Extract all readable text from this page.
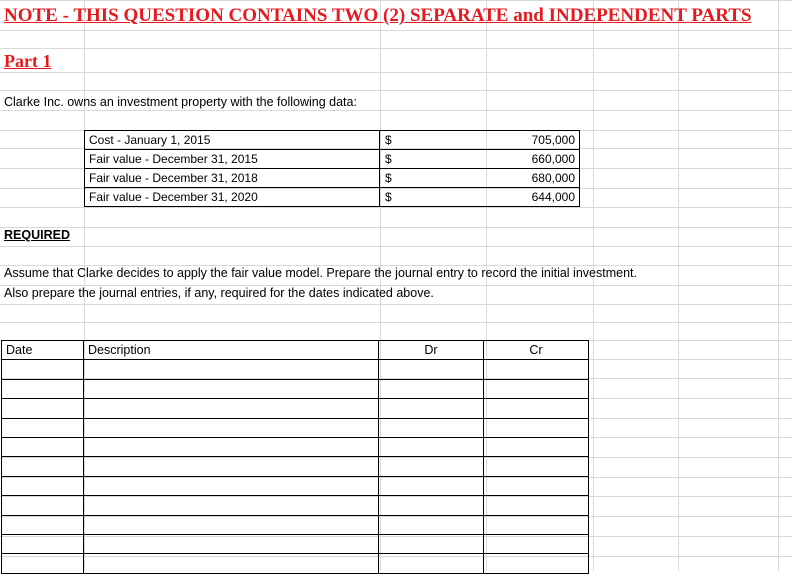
NOTE - THIS QUESTION CONTAINS TWO (2) SEPARATE and INDEPENDENT PARTS
Part 1
Clarke Inc. owns an investment property with the following data:
Cost - January 1, 2015	$	705,000
Fair value - December 31, 2015	$	660,000
Fair value - December 31, 2018	$	680,000
Fair value - December 31, 2020	$	644,000
REQUIRED
Assume that Clarke decides to apply the fair value model. Prepare the journal entry to record the initial investment.
Also prepare the journal entries, if any, required for the dates indicated above.
Date	Description	Dr	Cr
